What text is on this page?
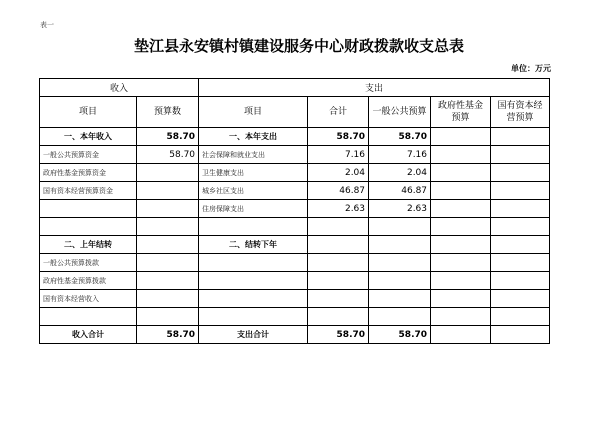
表一
垫江县永安镇村镇建设服务中心财政拨款收支总表
单位：万元
收入		支出				
项目	预算数	项目	合计	一般公共预算	政府性基金预算	国有资本经营预算
一、本年收入	58.70	一、本年支出	58.70	58.70		
一般公共预算资金	58.70	社会保障和就业支出	7.16	7.16		
政府性基金预算资金		卫生健康支出	2.04	2.04		
国有资本经营预算资金		城乡社区支出	46.87	46.87		
		住房保障支出	2.63	2.63		

二、上年结转		二、结转下年				
一般公共预算拨款						
政府性基金预算拨款						
国有资本经营收入						

收入合计	58.70	支出合计	58.70	58.70		
